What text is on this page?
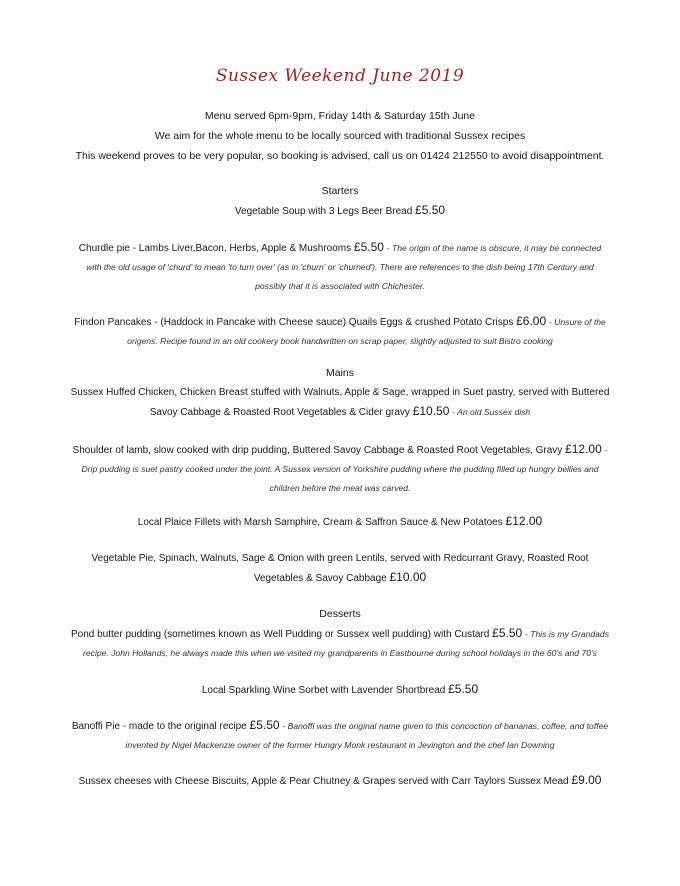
Sussex Weekend June 2019
Menu served 6pm-9pm, Friday 14th & Saturday 15th June
We aim for the whole menu to be locally sourced with traditional Sussex recipes
This weekend proves to be very popular, so booking is advised, call us on 01424 212550 to avoid disappointment.
Starters
Vegetable Soup with 3 Legs Beer Bread £5.50
Churdle pie - Lambs Liver,Bacon, Herbs, Apple & Mushrooms £5.50 - The origin of the name is obscure, it may be connected with the old usage of 'churd' to mean 'to turn over' (as in 'churn' or 'churned'). There are references to the dish being 17th Century and possibly that it is associated with Chichester.
Findon Pancakes - (Haddock in Pancake with Cheese sauce) Quails Eggs & crushed Potato Crisps £6.00 - Unsure of the origens. Recipe found in an old cookery book handwritten on scrap paper, slightly adjusted to suit Bistro cooking
Mains
Sussex Huffed Chicken, Chicken Breast stuffed with Walnuts, Apple & Sage, wrapped in Suet pastry, served with Buttered Savoy Cabbage & Roasted Root Vegetables & Cider gravy £10.50 - An old Sussex dish
Shoulder of lamb, slow cooked with drip pudding, Buttered Savoy Cabbage & Roasted Root Vegetables, Gravy £12.00 - Drip pudding is suet pastry cooked under the joint. A Sussex version of Yorkshire pudding where the pudding filled up hungry bellies and children before the meat was carved.
Local Plaice Fillets with Marsh Samphire, Cream & Saffron Sauce & New Potatoes £12.00
Vegetable Pie, Spinach, Walnuts, Sage & Onion with green Lentils, served with Redcurrant Gravy, Roasted Root Vegetables & Savoy Cabbage £10.00
Desserts
Pond butter pudding (sometimes known as Well Pudding or Sussex well pudding) with Custard £5.50 - This is my Grandads recipe. John Hollands, he always made this when we visited my grandparents in Eastbourne during school holidays in the 60's and 70's
Local Sparkling Wine Sorbet with Lavender Shortbread £5.50
Banoffi Pie - made to the original recipe £5.50 - Banoffi was the original name given to this concoction of bananas, coffee, and toffee invented by Nigel Mackenzie owner of the former Hungry Monk restaurant in Jevington and the chef Ian Downing
Sussex cheeses with Cheese Biscuits, Apple & Pear Chutney & Grapes served with Carr Taylors Sussex Mead £9.00
